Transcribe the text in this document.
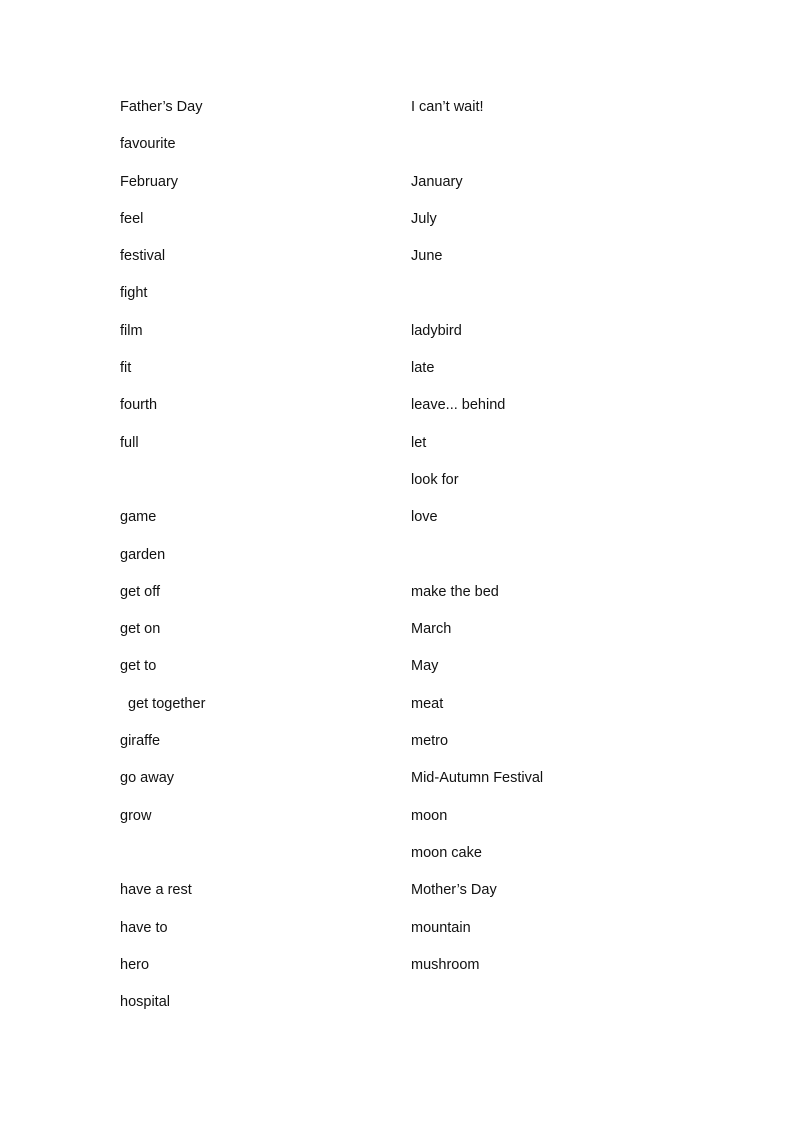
Father’s Day
favourite
February
feel
festival
fight
film
fit
fourth
full
game
garden
get off
get on
get to
get together
giraffe
go away
grow
have a rest
have to
hero
hospital
I can’t wait!
January
July
June
ladybird
late
leave... behind
let
look for
love
make the bed
March
May
meat
metro
Mid-Autumn Festival
moon
moon cake
Mother’s Day
mountain
mushroom
